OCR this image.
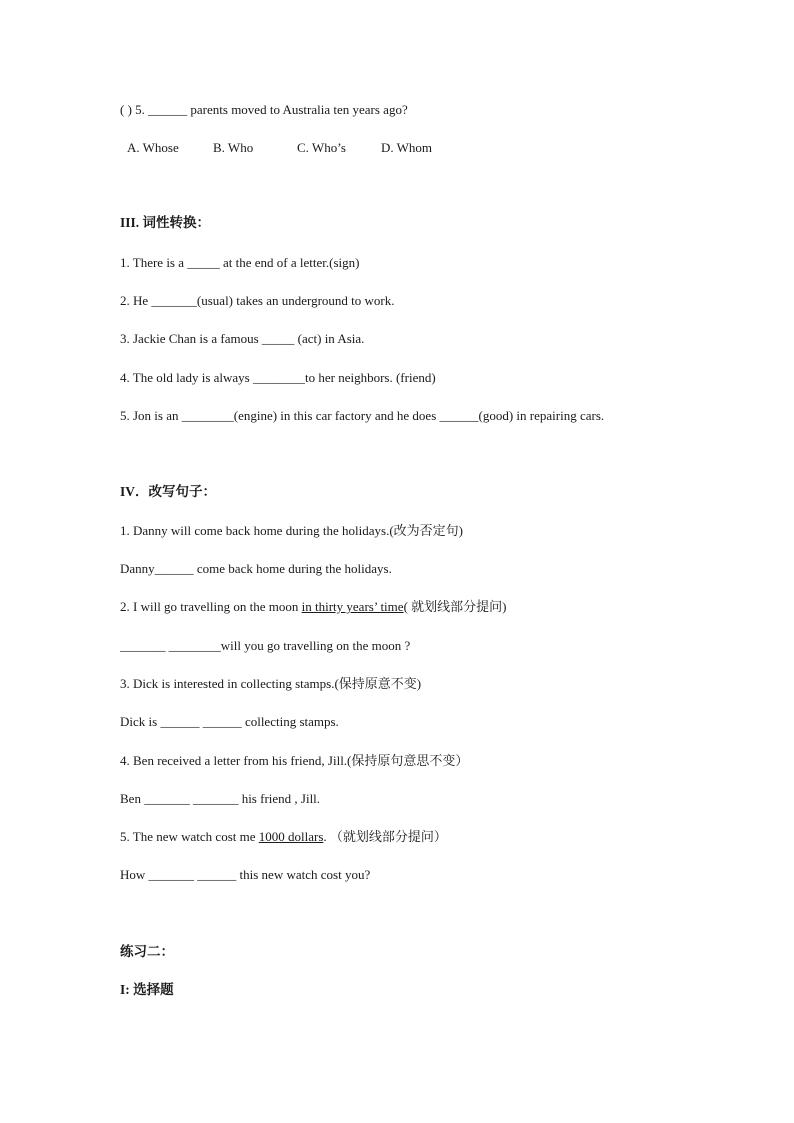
( ) 5. ______ parents moved to Australia ten years ago?
A. Whose	B. Who	C. Who’s	D. Whom
III. 词性转换：
1. There is a _____ at the end of a letter.(sign)
2. He _______(usual) takes an underground to work.
3. Jackie Chan is a famous _____ (act) in Asia.
4. The old lady is always ________to her neighbors. (friend)
5. Jon is an ________(engine) in this car factory and he does ______(good) in repairing cars.
IV．改写句子：
1. Danny will come back home during the holidays.(改为否定句)
Danny______ come back home during the holidays.
2. I will go travelling on the moon in thirty years’ time( 就划线部分提问)
_______ ________will you go travelling on the moon ?
3. Dick is interested in collecting stamps.(保持原意不变)
Dick is ______ ______ collecting stamps.
4. Ben received a letter from his friend, Jill.(保持原句意思不变）
Ben _______ _______ his friend , Jill.
5. The new watch cost me 1000 dollars. （就划线部分提问）
How _______ ______ this new watch cost you?
练习二：
I: 选择题
